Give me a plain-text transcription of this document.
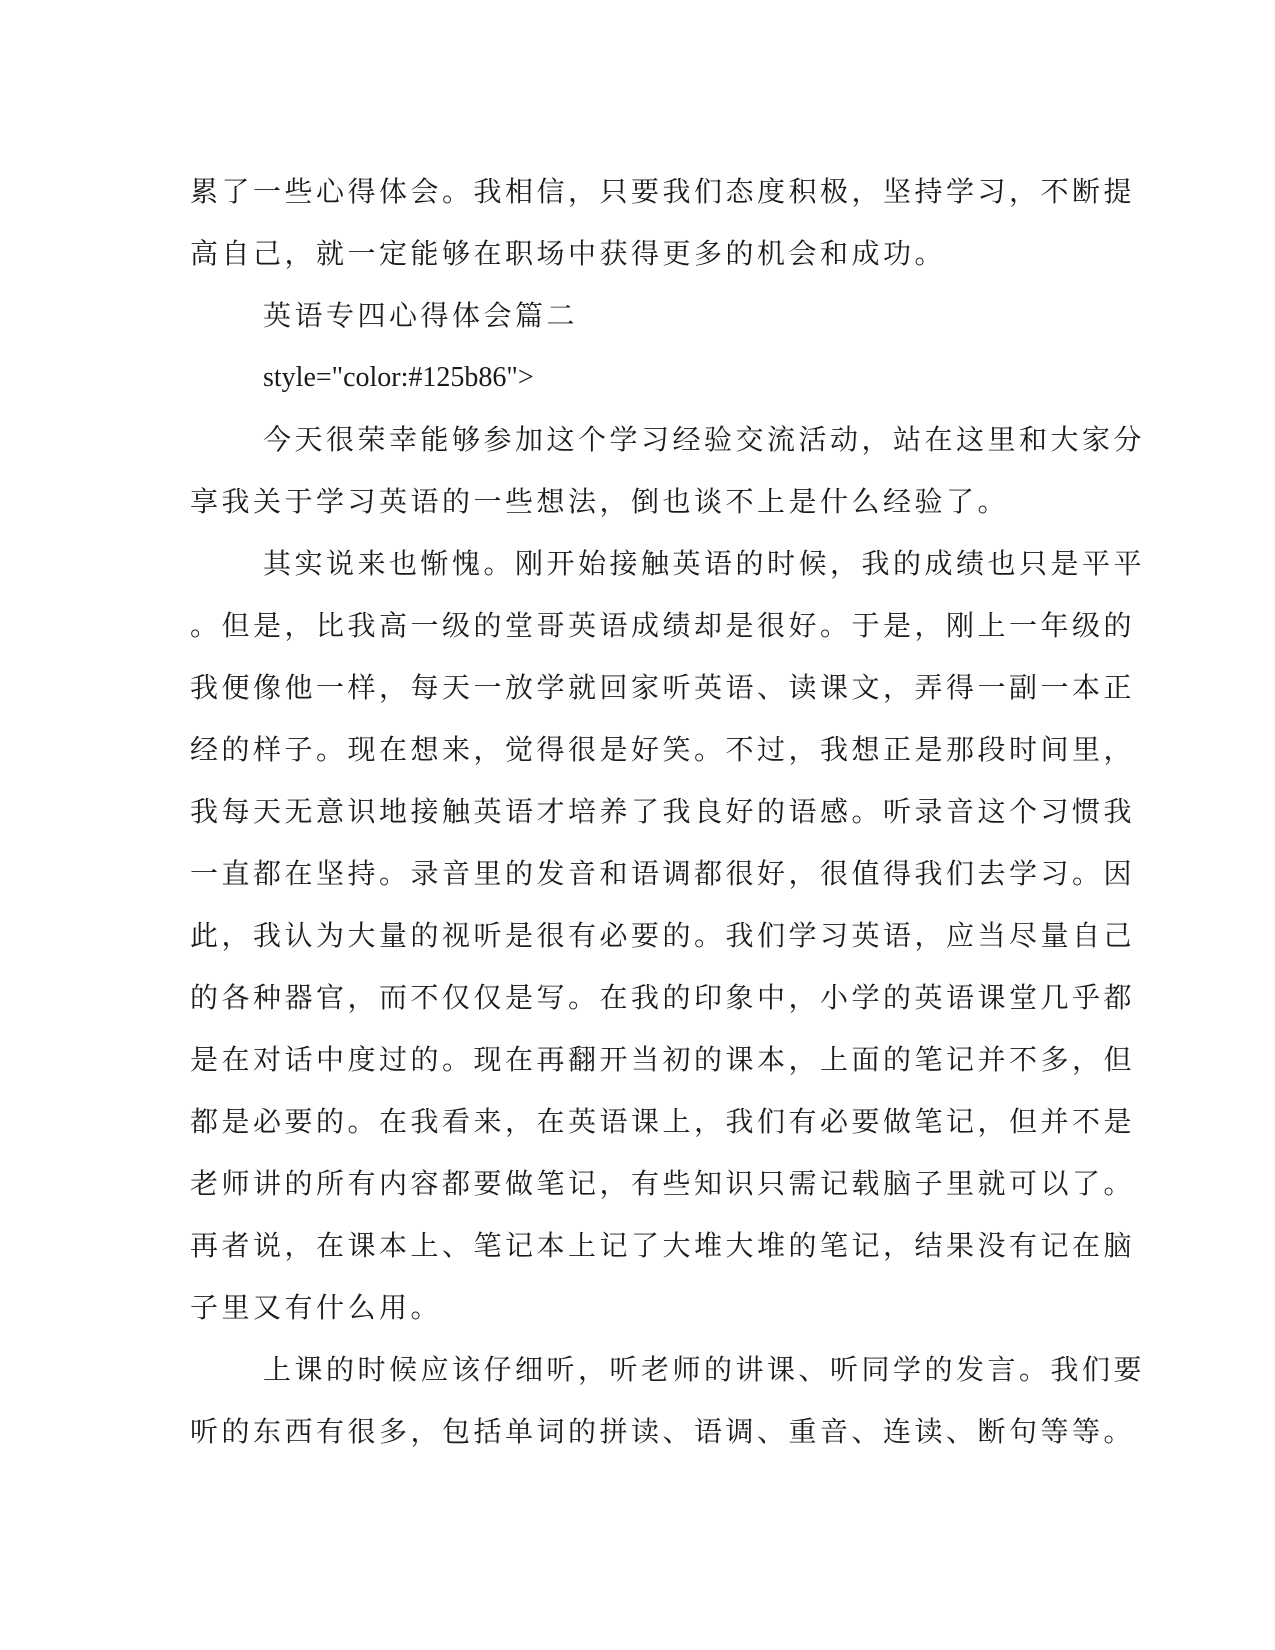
累了一些心得体会。我相信，只要我们态度积极，坚持学习，不断提
高自己，就一定能够在职场中获得更多的机会和成功。
英语专四心得体会篇二
style="color:#125b86">
今天很荣幸能够参加这个学习经验交流活动，站在这里和大家分
享我关于学习英语的一些想法，倒也谈不上是什么经验了。
其实说来也惭愧。刚开始接触英语的时候，我的成绩也只是平平
。但是，比我高一级的堂哥英语成绩却是很好。于是，刚上一年级的
我便像他一样，每天一放学就回家听英语、读课文，弄得一副一本正
经的样子。现在想来，觉得很是好笑。不过，我想正是那段时间里，
我每天无意识地接触英语才培养了我良好的语感。听录音这个习惯我
一直都在坚持。录音里的发音和语调都很好，很值得我们去学习。因
此，我认为大量的视听是很有必要的。我们学习英语，应当尽量自己
的各种器官，而不仅仅是写。在我的印象中，小学的英语课堂几乎都
是在对话中度过的。现在再翻开当初的课本，上面的笔记并不多，但
都是必要的。在我看来，在英语课上，我们有必要做笔记，但并不是
老师讲的所有内容都要做笔记，有些知识只需记载脑子里就可以了。
再者说，在课本上、笔记本上记了大堆大堆的笔记，结果没有记在脑
子里又有什么用。
上课的时候应该仔细听，听老师的讲课、听同学的发言。我们要
听的东西有很多，包括单词的拼读、语调、重音、连读、断句等等。
